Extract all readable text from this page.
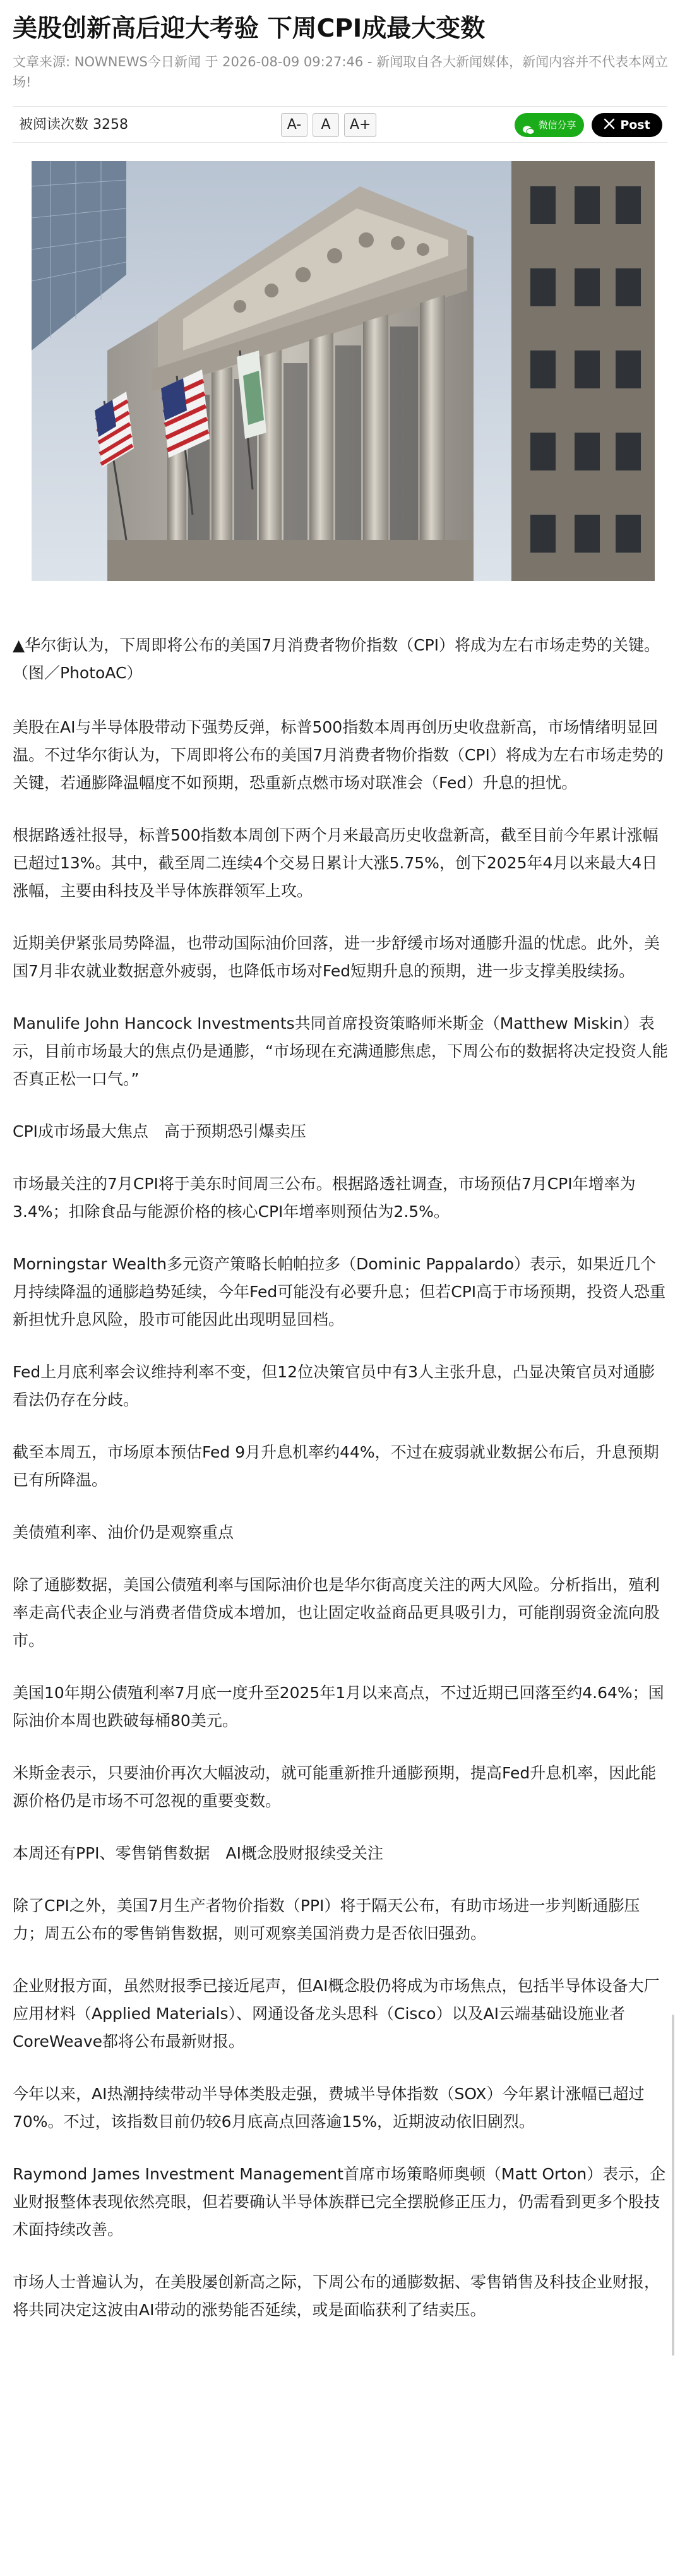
美股创新高后迎大考验 下周CPI成最大变数
文章来源: NOWNEWS今日新闻 于 2026-08-09 09:27:46 - 新闻取自各大新闻媒体，新闻内容并不代表本网立场!
被阅读次数 3258	A-	A	A+	微信分享	Post
▲华尔街认为，下周即将公布的美国7月消费者物价指数（CPI）将成为左右市场走势的关键。（图／PhotoAC）

美股在AI与半导体股带动下强势反弹，标普500指数本周再创历史收盘新高，市场情绪明显回温。不过华尔街认为，下周即将公布的美国7月消费者物价指数（CPI）将成为左右市场走势的关键，若通膨降温幅度不如预期，恐重新点燃市场对联准会（Fed）升息的担忧。

根据路透社报导，标普500指数本周创下两个月来最高历史收盘新高，截至目前今年累计涨幅已超过13%。其中，截至周二连续4个交易日累计大涨5.75%，创下2025年4月以来最大4日涨幅，主要由科技及半导体族群领军上攻。

近期美伊紧张局势降温，也带动国际油价回落，进一步舒缓市场对通膨升温的忧虑。此外，美国7月非农就业数据意外疲弱，也降低市场对Fed短期升息的预期，进一步支撑美股续扬。

Manulife John Hancock Investments共同首席投资策略师米斯金（Matthew Miskin）表示，目前市场最大的焦点仍是通膨，“市场现在充满通膨焦虑，下周公布的数据将决定投资人能否真正松一口气。”

CPI成市场最大焦点　高于预期恐引爆卖压

市场最关注的7月CPI将于美东时间周三公布。根据路透社调查，市场预估7月CPI年增率为3.4%；扣除食品与能源价格的核心CPI年增率则预估为2.5%。

Morningstar Wealth多元资产策略长帕帕拉多（Dominic Pappalardo）表示，如果近几个月持续降温的通膨趋势延续，今年Fed可能没有必要升息；但若CPI高于市场预期，投资人恐重新担忧升息风险，股市可能因此出现明显回档。

Fed上月底利率会议维持利率不变，但12位决策官员中有3人主张升息，凸显决策官员对通膨看法仍存在分歧。

截至本周五，市场原本预估Fed 9月升息机率约44%，不过在疲弱就业数据公布后，升息预期已有所降温。

美债殖利率、油价仍是观察重点

除了通膨数据，美国公债殖利率与国际油价也是华尔街高度关注的两大风险。分析指出，殖利率走高代表企业与消费者借贷成本增加，也让固定收益商品更具吸引力，可能削弱资金流向股市。

美国10年期公债殖利率7月底一度升至2025年1月以来高点，不过近期已回落至约4.64%；国际油价本周也跌破每桶80美元。

米斯金表示，只要油价再次大幅波动，就可能重新推升通膨预期，提高Fed升息机率，因此能源价格仍是市场不可忽视的重要变数。

本周还有PPI、零售销售数据　AI概念股财报续受关注

除了CPI之外，美国7月生产者物价指数（PPI）将于隔天公布，有助市场进一步判断通膨压力；周五公布的零售销售数据，则可观察美国消费力是否依旧强劲。

企业财报方面，虽然财报季已接近尾声，但AI概念股仍将成为市场焦点，包括半导体设备大厂应用材料（Applied Materials）、网通设备龙头思科（Cisco）以及AI云端基础设施业者CoreWeave都将公布最新财报。

今年以来，AI热潮持续带动半导体类股走强，费城半导体指数（SOX）今年累计涨幅已超过70%。不过，该指数目前仍较6月底高点回落逾15%，近期波动依旧剧烈。

Raymond James Investment Management首席市场策略师奥顿（Matt Orton）表示，企业财报整体表现依然亮眼，但若要确认半导体族群已完全摆脱修正压力，仍需看到更多个股技术面持续改善。

市场人士普遍认为，在美股屡创新高之际，下周公布的通膨数据、零售销售及科技企业财报，将共同决定这波由AI带动的涨势能否延续，或是面临获利了结卖压。
